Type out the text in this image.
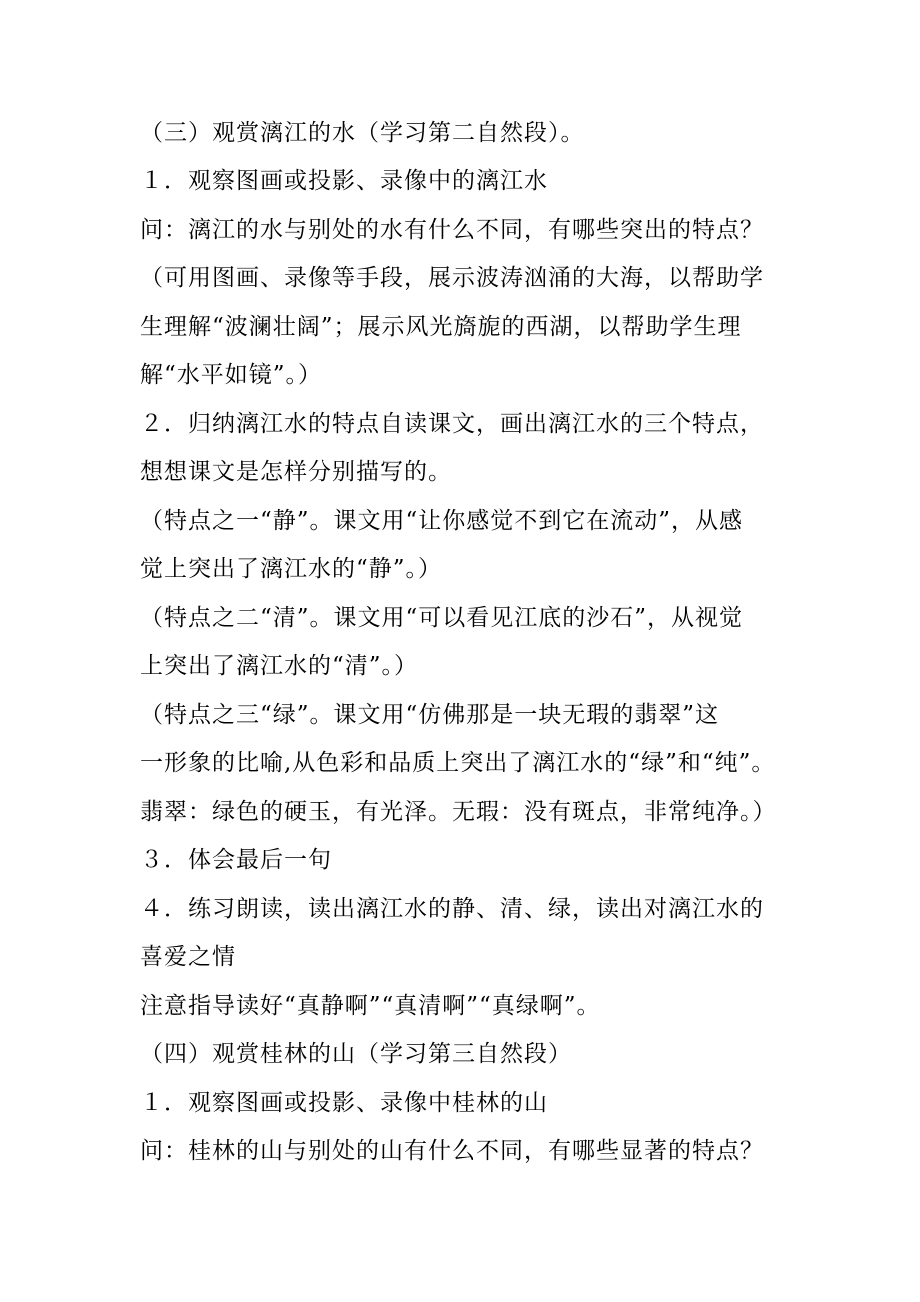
（三）观赏漓江的水（学习第二自然段）。
１．观察图画或投影、录像中的漓江水
问：漓江的水与别处的水有什么不同，有哪些突出的特点？
（可用图画、录像等手段，展示波涛汹涌的大海，以帮助学
生理解“波澜壮阔”；展示风光旖旎的西湖，以帮助学生理
解“水平如镜”。）
２．归纳漓江水的特点自读课文，画出漓江水的三个特点，
想想课文是怎样分别描写的。
（特点之一“静”。课文用“让你感觉不到它在流动”，从感
觉上突出了漓江水的“静”。）
（特点之二“清”。课文用“可以看见江底的沙石”，从视觉
上突出了漓江水的“清”。）
（特点之三“绿”。课文用“仿佛那是一块无瑕的翡翠”这
一形象的比喻,从色彩和品质上突出了漓江水的“绿”和“纯”。
翡翠：绿色的硬玉，有光泽。无瑕：没有斑点，非常纯净。）
３．体会最后一句
４．练习朗读，读出漓江水的静、清、绿，读出对漓江水的
喜爱之情
注意指导读好“真静啊”“真清啊”“真绿啊”。
（四）观赏桂林的山（学习第三自然段）
１．观察图画或投影、录像中桂林的山
问：桂林的山与别处的山有什么不同，有哪些显著的特点？
